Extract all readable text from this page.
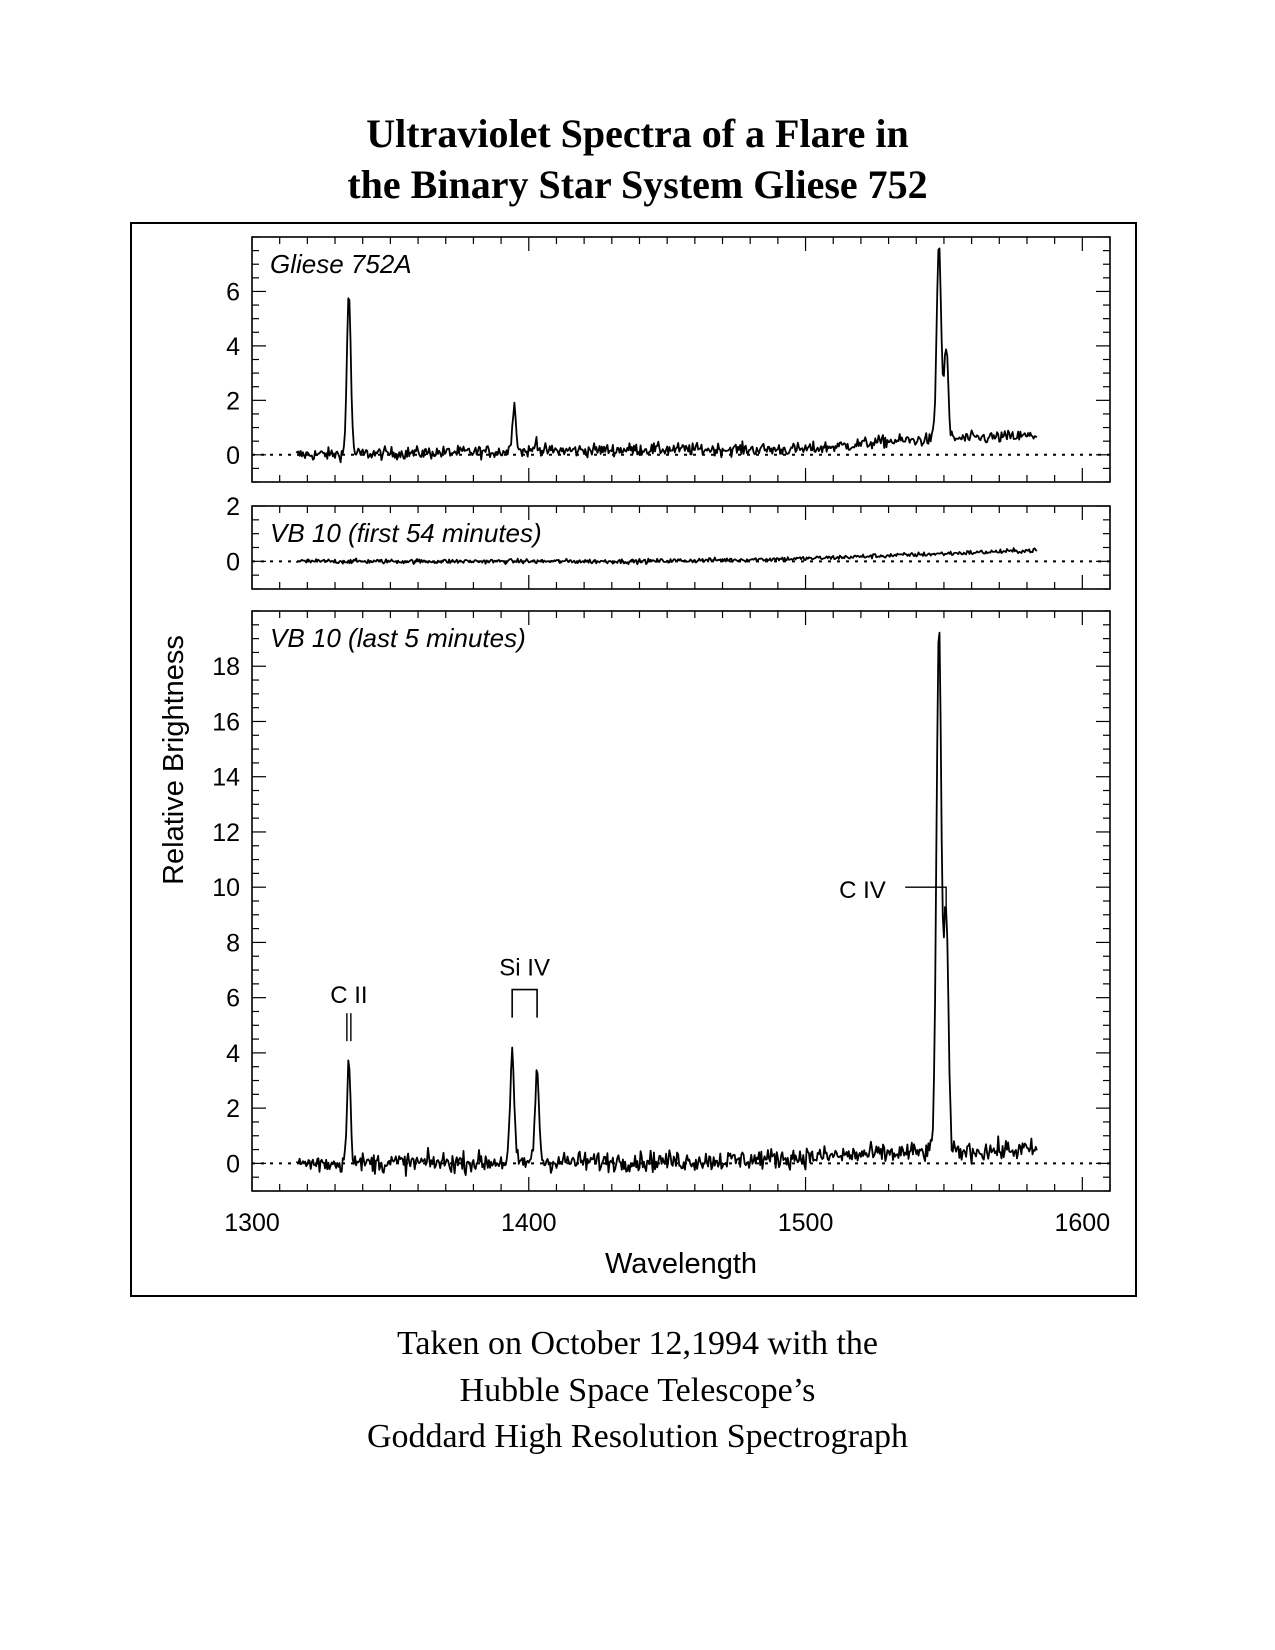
Ultraviolet Spectra of a Flare in
the Binary Star System Gliese 752
0
2
4
6
Gliese 752A
0
2
VB 10 (first 54 minutes)
0
2
4
6
8
10
12
14
16
18
VB 10 (last 5 minutes)
C II
Si IV
C IV
1300	1400	1500	1600
Wavelength
Relative Brightness
Taken on October 12,1994 with the
Hubble Space Telescope’s
Goddard High Resolution Spectrograph
